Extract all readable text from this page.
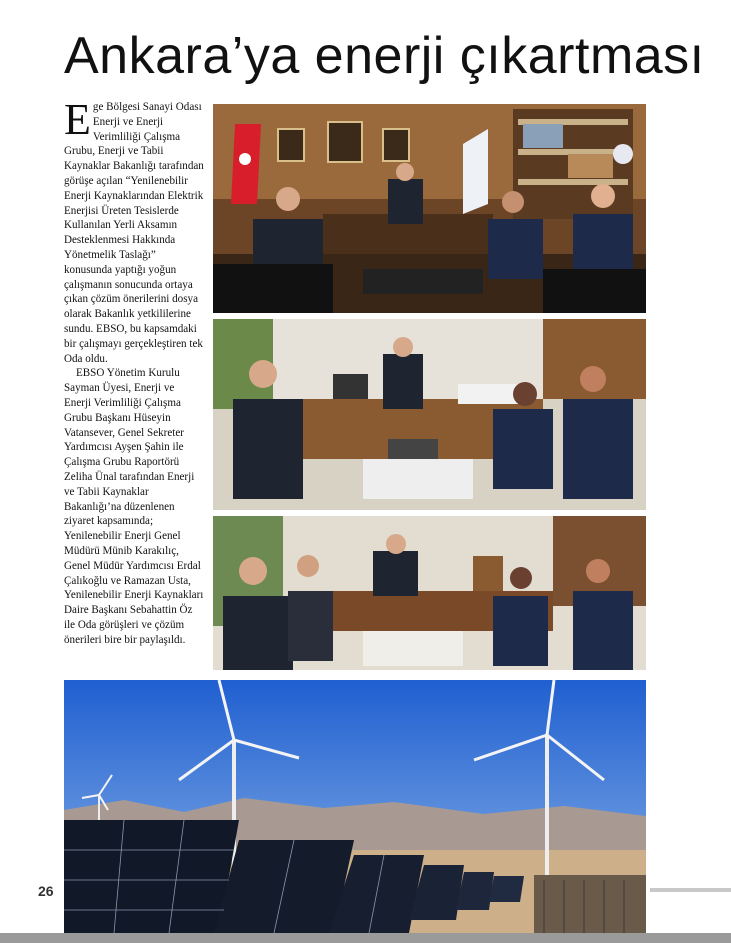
Ankara’ya enerji çıkartması

Ege Bölgesi Sanayi Odası Enerji ve Enerji Verimliliği Çalışma Grubu, Enerji ve Tabii Kaynaklar Bakanlığı tarafından görüşe açılan “Yenilenebilir Enerji Kaynaklarından Elektrik Enerjisi Üreten Tesislerde Kullanılan Yerli Aksamın Desteklenmesi Hakkında Yönetmelik Taslağı” konusunda yaptığı yoğun çalışmanın sonucunda ortaya çıkan çözüm önerilerini dosya olarak Bakanlık yetkililerine sundu. EBSO, bu kapsamdaki bir çalışmayı gerçekleştiren tek Oda oldu.

EBSO Yönetim Kurulu Sayman Üyesi, Enerji ve Enerji Verimliliği Çalışma Grubu Başkanı Hüseyin Vatansever, Genel Sekreter Yardımcısı Ayşen Şahin ile Çalışma Grubu Raportörü Zeliha Ünal tarafından Enerji ve Tabii Kaynaklar Bakanlığı’na düzenlenen ziyaret kapsamında; Yenilenebilir Enerji Genel Müdürü Münib Karakılıç, Genel Müdür Yardımcısı Erdal Çalıkoğlu ve Ramazan Usta, Yenilenebilir Enerji Kaynakları Daire Başkanı Sebahattin Öz ile Oda görüşleri ve çözüm önerileri bire bir paylaşıldı.

26
